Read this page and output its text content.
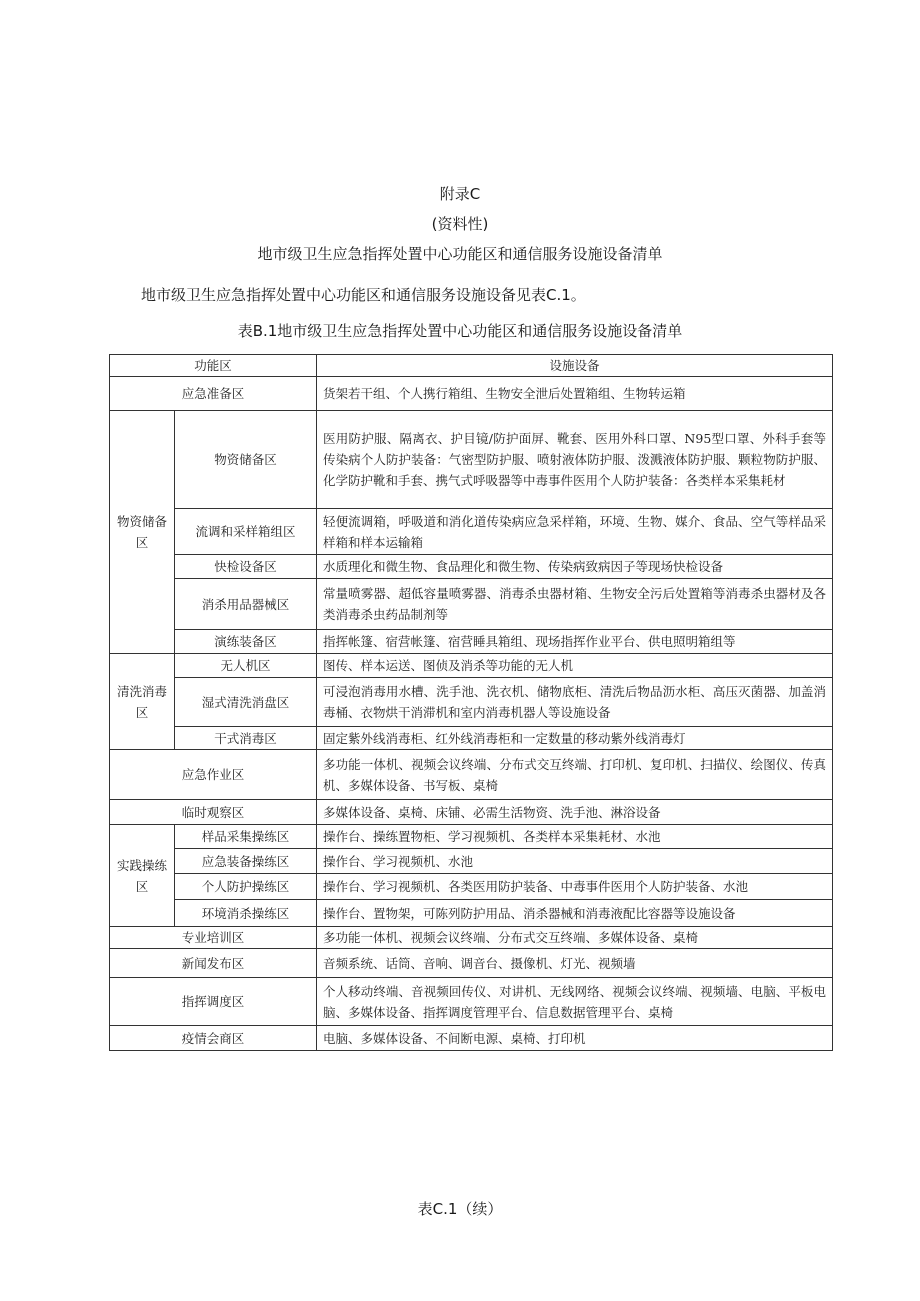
附录C
(资料性)
地市级卫生应急指挥处置中心功能区和通信服务设施设备清单
地市级卫生应急指挥处置中心功能区和通信服务设施设备见表C.1。
表B.1地市级卫生应急指挥处置中心功能区和通信服务设施设备清单
功能区		设施设备
应急准备区		货架若干组、个人携行箱组、生物安全泄后处置箱组、生物转运箱
物资储备区	物资储备区	医用防护服、隔离衣、护目镜/防护面屏、靴套、医用外科口罩、N95型口罩、外科手套等传染病个人防护装备：气密型防护服、喷射液体防护服、泼溅液体防护服、颗粒物防护服、化学防护靴和手套、携气式呼吸器等中毒事件医用个人防护装备：各类样本采集耗材
	流调和采样箱组区	轻便流调箱，呼吸道和消化道传染病应急采样箱，环境、生物、媒介、食品、空气等样品采样箱和样本运输箱
	快检设备区	水质理化和微生物、食品理化和微生物、传染病致病因子等现场快检设备
	消杀用品器械区	常量喷雾器、超低容量喷雾器、消毒杀虫器材箱、生物安全污后处置箱等消毒杀虫器材及各类消毒杀虫药品制剂等
	演练装备区	指挥帐篷、宿营帐篷、宿营睡具箱组、现场指挥作业平台、供电照明箱组等
清洗消毒区	无人机区	图传、样本运送、图侦及消杀等功能的无人机
	湿式清洗消盘区	可浸泡消毒用水槽、洗手池、洗衣机、储物底柜、清洗后物品沥水柜、高压灭菌器、加盖消毒桶、衣物烘干消滞机和室内消毒机器人等设施设备
	干式消毒区	固定紫外线消毒柜、红外线消毒柜和一定数量的移动紫外线消毒灯
应急作业区		多功能一体机、视频会议终端、分布式交互终端、打印机、复印机、扫描仪、绘图仪、传真机、多媒体设备、书写板、桌椅
临时观察区		多媒体设备、桌椅、床铺、必需生活物资、洗手池、淋浴设备
实践操练区	样品采集操练区	操作台、操练置物柜、学习视频机、各类样本采集耗材、水池
	应急装备操练区	操作台、学习视频机、水池
	个人防护操练区	操作台、学习视频机、各类医用防护装备、中毒事件医用个人防护装备、水池
	环境消杀操练区	操作台、置物架，可陈列防护用品、消杀器械和消毒液配比容器等设施设备
专业培训区		多功能一体机、视频会议终端、分布式交互终端、多媒体设备、桌椅
新闻发布区		音频系统、话筒、音响、调音台、摄像机、灯光、视频墙
指挥调度区		个人移动终端、音视频回传仪、对讲机、无线网络、视频会议终端、视频墙、电脑、平板电脑、多媒体设备、指挥调度管理平台、信息数据管理平台、桌椅
疫情会商区		电脑、多媒体设备、不间断电源、桌椅、打印机
表C.1（续）
